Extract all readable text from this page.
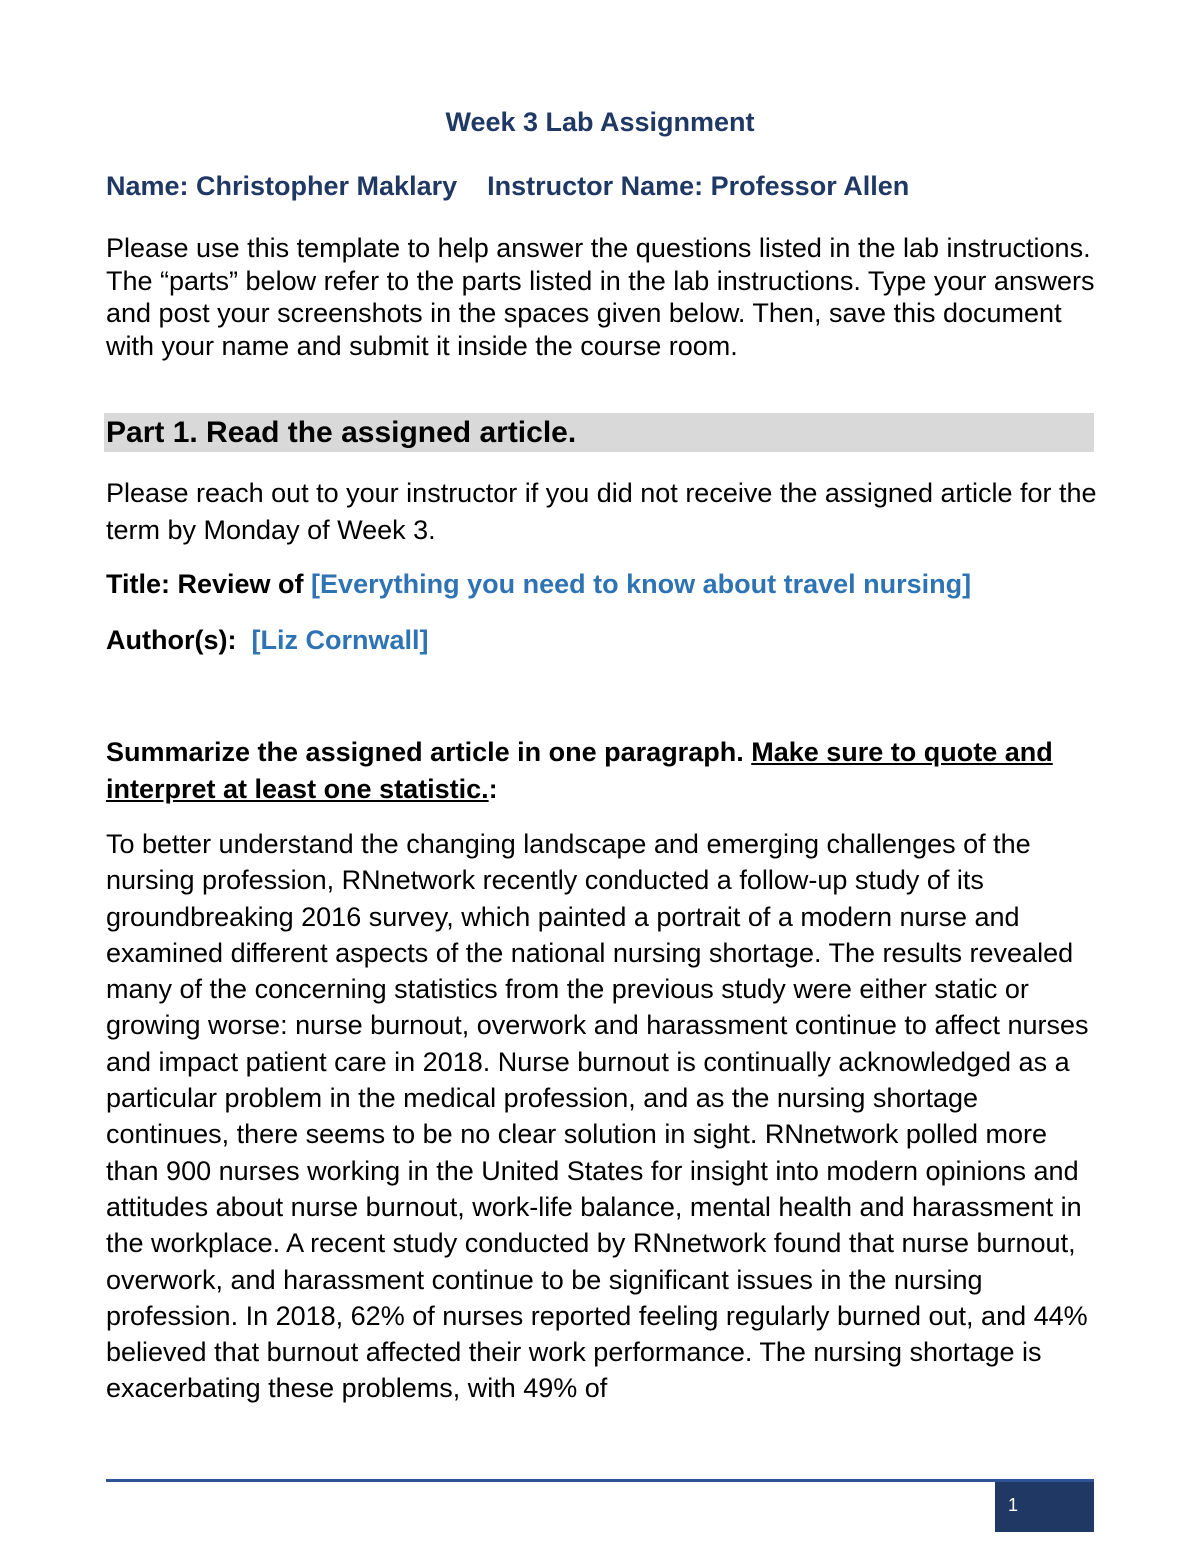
Week 3 Lab Assignment
Name: Christopher Maklary Instructor Name: Professor Allen

Please use this template to help answer the questions listed in the lab instructions. The “parts” below refer to the parts listed in the lab instructions. Type your answers and post your screenshots in the spaces given below. Then, save this document with your name and submit it inside the course room.

Part 1. Read the assigned article.

Please reach out to your instructor if you did not receive the assigned article for the term by Monday of Week 3.

Title: Review of [Everything you need to know about travel nursing]
Author(s):  [Liz Cornwall]

Summarize the assigned article in one paragraph. Make sure to quote and interpret at least one statistic.:

To better understand the changing landscape and emerging challenges of the nursing profession, RNnetwork recently conducted a follow-up study of its groundbreaking 2016 survey, which painted a portrait of a modern nurse and examined different aspects of the national nursing shortage. The results revealed many of the concerning statistics from the previous study were either static or growing worse: nurse burnout, overwork and harassment continue to affect nurses and impact patient care in 2018. Nurse burnout is continually acknowledged as a particular problem in the medical profession, and as the nursing shortage continues, there seems to be no clear solution in sight. RNnetwork polled more than 900 nurses working in the United States for insight into modern opinions and attitudes about nurse burnout, work-life balance, mental health and harassment in the workplace. A recent study conducted by RNnetwork found that nurse burnout, overwork, and harassment continue to be significant issues in the nursing profession. In 2018, 62% of nurses reported feeling regularly burned out, and 44% believed that burnout affected their work performance. The nursing shortage is exacerbating these problems, with 49% of

1
